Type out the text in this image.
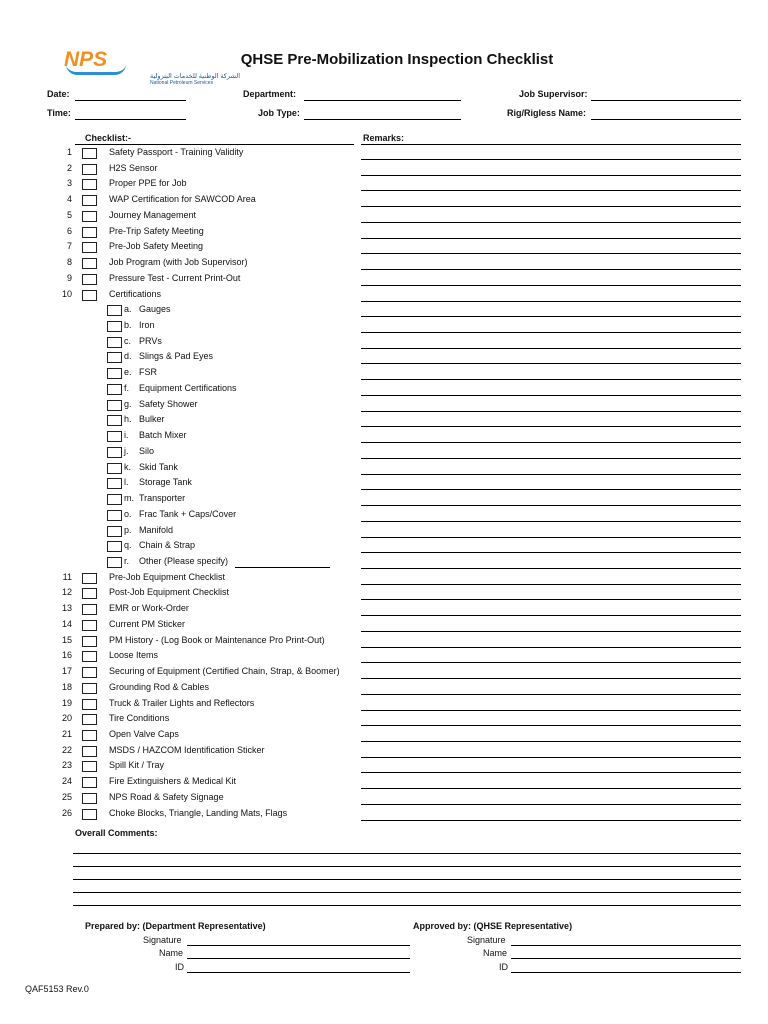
NPS
الشركة الوطنية للخدمات البترولية
National Petroleum Services
QHSE Pre-Mobilization Inspection Checklist
Date:
Time:
Department:
Job Type:
Job Supervisor:
Rig/Rigless Name:
Checklist:-	Remarks:
1	Safety Passport - Training Validity
2	H2S Sensor
3	Proper PPE for Job
4	WAP Certification for SAWCOD Area
5	Journey Management
6	Pre-Trip Safety Meeting
7	Pre-Job Safety Meeting
8	Job Program (with Job Supervisor)
9	Pressure Test - Current Print-Out
10	Certifications
a. Gauges
b. Iron
c. PRVs
d. Slings & Pad Eyes
e. FSR
f. Equipment Certifications
g. Safety Shower
h. Bulker
i. Batch Mixer
j. Silo
k. Skid Tank
l. Storage Tank
m. Transporter
o. Frac Tank + Caps/Cover
p. Manifold
q. Chain & Strap
r. Other (Please specify)
11	Pre-Job Equipment Checklist
12	Post-Job Equipment Checklist
13	EMR or Work-Order
14	Current PM Sticker
15	PM History - (Log Book or Maintenance Pro Print-Out)
16	Loose Items
17	Securing of Equipment (Certified Chain, Strap, & Boomer)
18	Grounding Rod & Cables
19	Truck & Trailer Lights and Reflectors
20	Tire Conditions
21	Open Valve Caps
22	MSDS / HAZCOM Identification Sticker
23	Spill Kit / Tray
24	Fire Extinguishers & Medical Kit
25	NPS Road & Safety Signage
26	Choke Blocks, Triangle, Landing Mats, Flags
Overall Comments:
Prepared by: (Department Representative)
Signature
Name
ID
Approved by: (QHSE Representative)
Signature
Name
ID
QAF5153 Rev.0
